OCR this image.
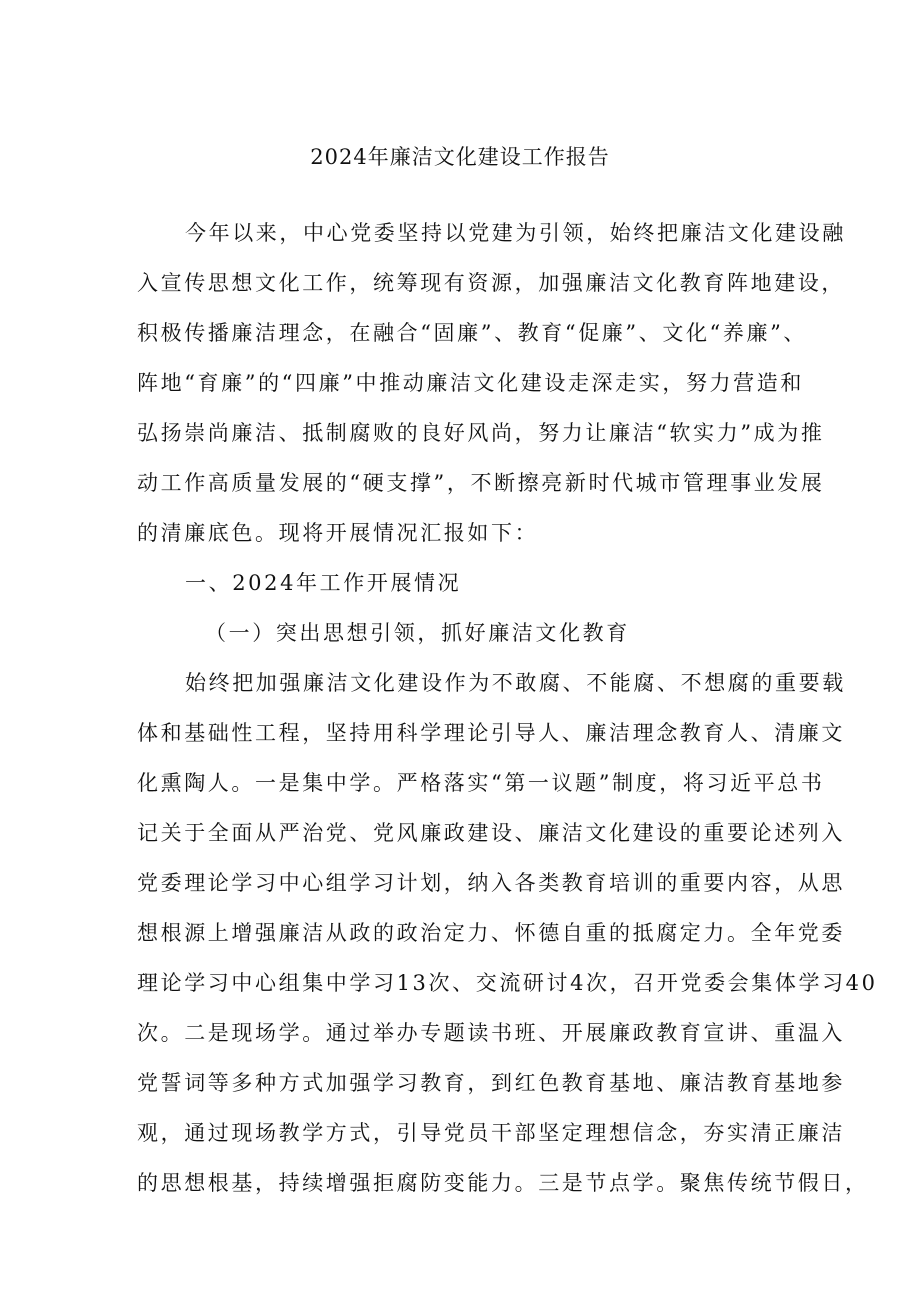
2024年廉洁文化建设工作报告
今年以来，中心党委坚持以党建为引领，始终把廉洁文化建设融
入宣传思想文化工作，统筹现有资源，加强廉洁文化教育阵地建设，
积极传播廉洁理念，在融合“固廉”、教育“促廉”、文化“养廉”、
阵地“育廉”的“四廉”中推动廉洁文化建设走深走实，努力营造和
弘扬崇尚廉洁、抵制腐败的良好风尚，努力让廉洁“软实力”成为推
动工作高质量发展的“硬支撑”，不断擦亮新时代城市管理事业发展
的清廉底色。现将开展情况汇报如下：
一、2024年工作开展情况
（一）突出思想引领，抓好廉洁文化教育
始终把加强廉洁文化建设作为不敢腐、不能腐、不想腐的重要载
体和基础性工程，坚持用科学理论引导人、廉洁理念教育人、清廉文
化熏陶人。一是集中学。严格落实“第一议题”制度，将习近平总书
记关于全面从严治党、党风廉政建设、廉洁文化建设的重要论述列入
党委理论学习中心组学习计划，纳入各类教育培训的重要内容，从思
想根源上增强廉洁从政的政治定力、怀德自重的抵腐定力。全年党委
理论学习中心组集中学习13次、交流研讨4次，召开党委会集体学习40
次。二是现场学。通过举办专题读书班、开展廉政教育宣讲、重温入
党誓词等多种方式加强学习教育，到红色教育基地、廉洁教育基地参
观，通过现场教学方式，引导党员干部坚定理想信念，夯实清正廉洁
的思想根基，持续增强拒腐防变能力。三是节点学。聚焦传统节假日，
